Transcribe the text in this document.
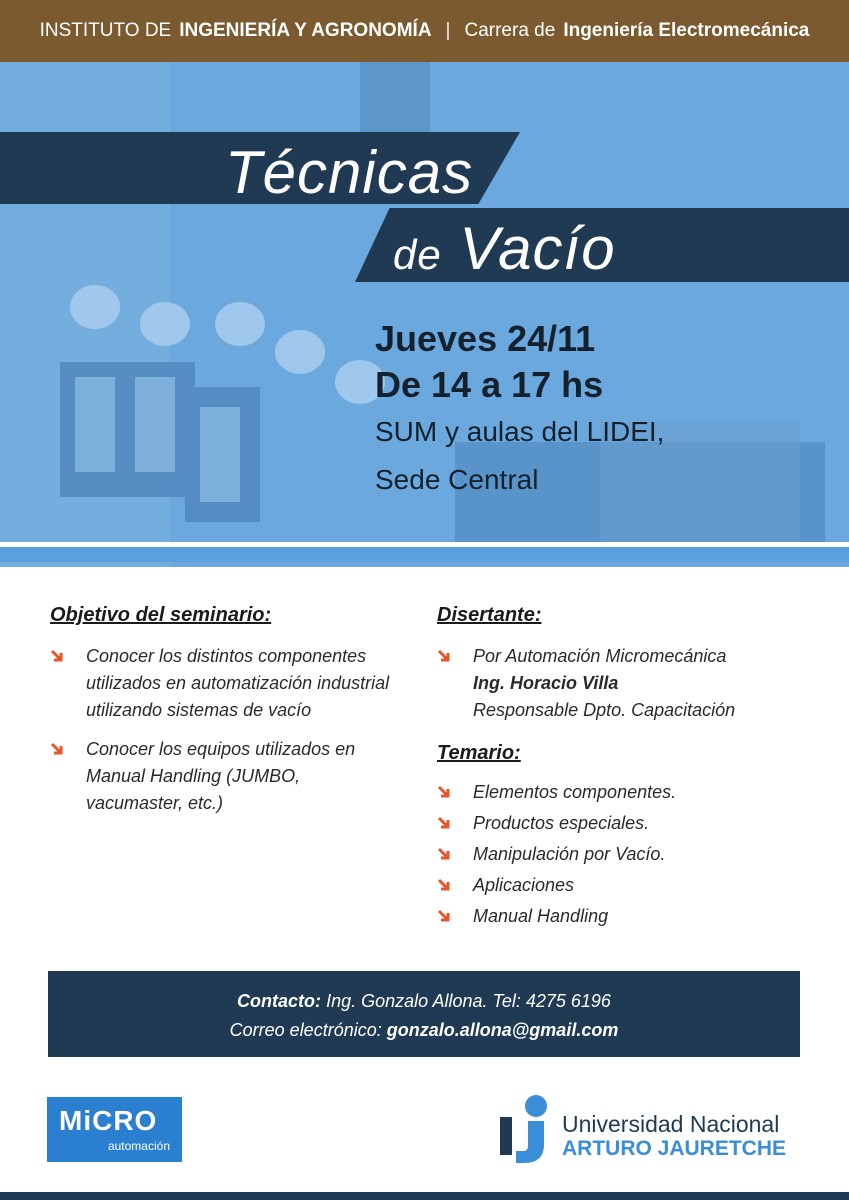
INSTITUTO DE INGENIERÍA Y AGRONOMÍA | Carrera de Ingeniería Electromecánica
Técnicas
de Vacío
Jueves 24/11
De 14 a 17 hs
SUM y aulas del LIDEI,
Sede Central
Objetivo del seminario:
Conocer los distintos componentes utilizados en automatización industrial utilizando sistemas de vacío
Conocer los equipos utilizados en Manual Handling (JUMBO, vacumaster, etc.)
Disertante:
Por Automación Micromecánica
Ing. Horacio Villa
Responsable Dpto. Capacitación
Temario:
Elementos componentes.
Productos especiales.
Manipulación por Vacío.
Aplicaciones
Manual Handling
Contacto: Ing. Gonzalo Allona. Tel: 4275 6196
Correo electrónico: gonzalo.allona@gmail.com
MiCRO
automación
Universidad Nacional
ARTURO JAURETCHE
